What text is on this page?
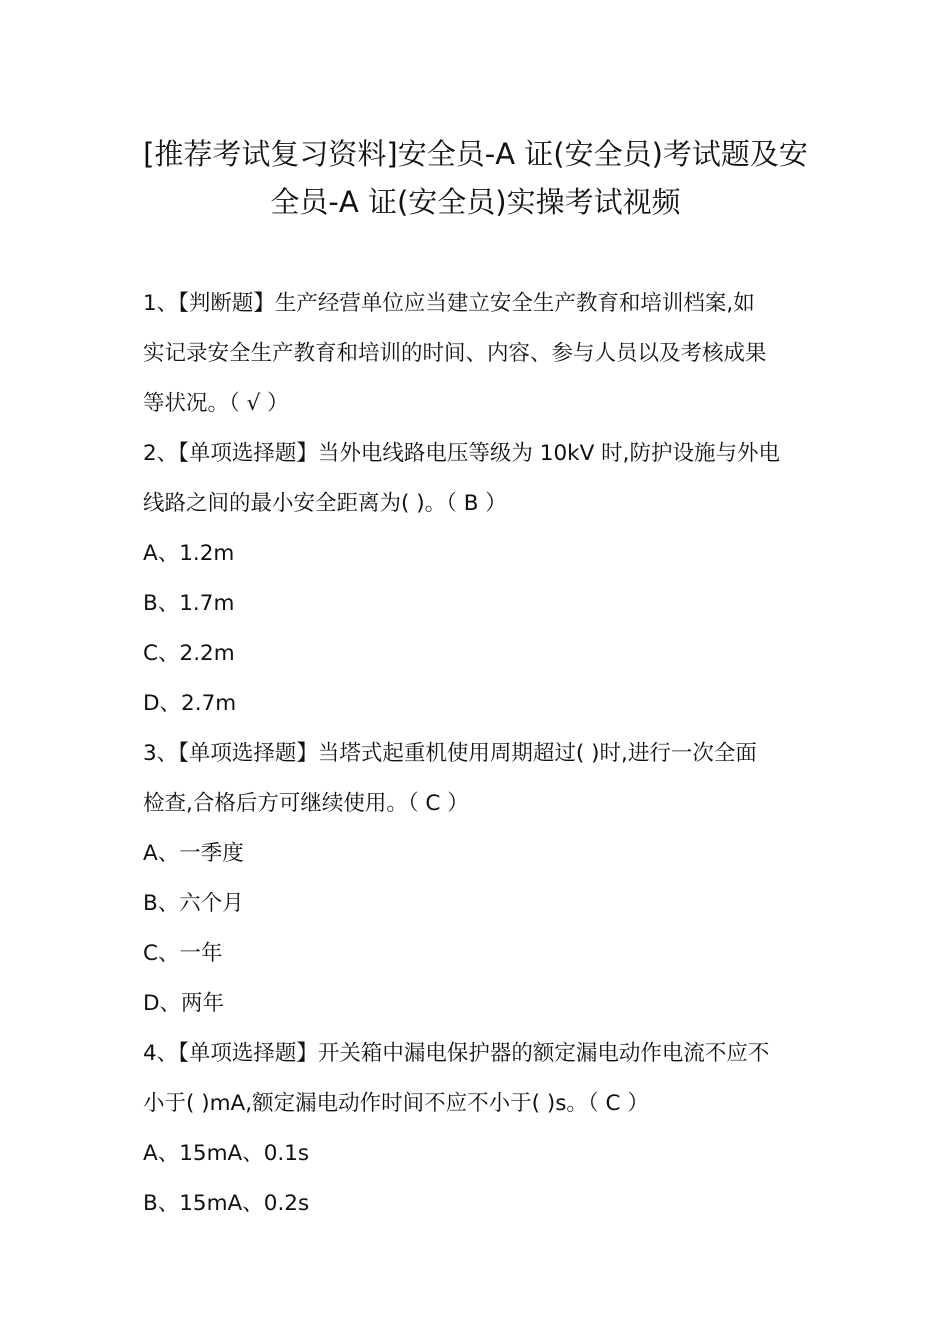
[推荐考试复习资料]安全员-A 证(安全员)考试题及安
全员-A 证(安全员)实操考试视频
1、【判断题】生产经营单位应当建立安全生产教育和培训档案,如
实记录安全生产教育和培训的时间、内容、参与人员以及考核成果
等状况。（ √ ）
2、【单项选择题】当外电线路电压等级为 10kV 时,防护设施与外电
线路之间的最小安全距离为( )。（ B ）
A、1.2m
B、1.7m
C、2.2m
D、2.7m
3、【单项选择题】当塔式起重机使用周期超过( )时,进行一次全面
检查,合格后方可继续使用。（ C ）
A、一季度
B、六个月
C、一年
D、两年
4、【单项选择题】开关箱中漏电保护器的额定漏电动作电流不应不
小于( )mA,额定漏电动作时间不应不小于( )s。（ C ）
A、15mA、0.1s
B、15mA、0.2s
